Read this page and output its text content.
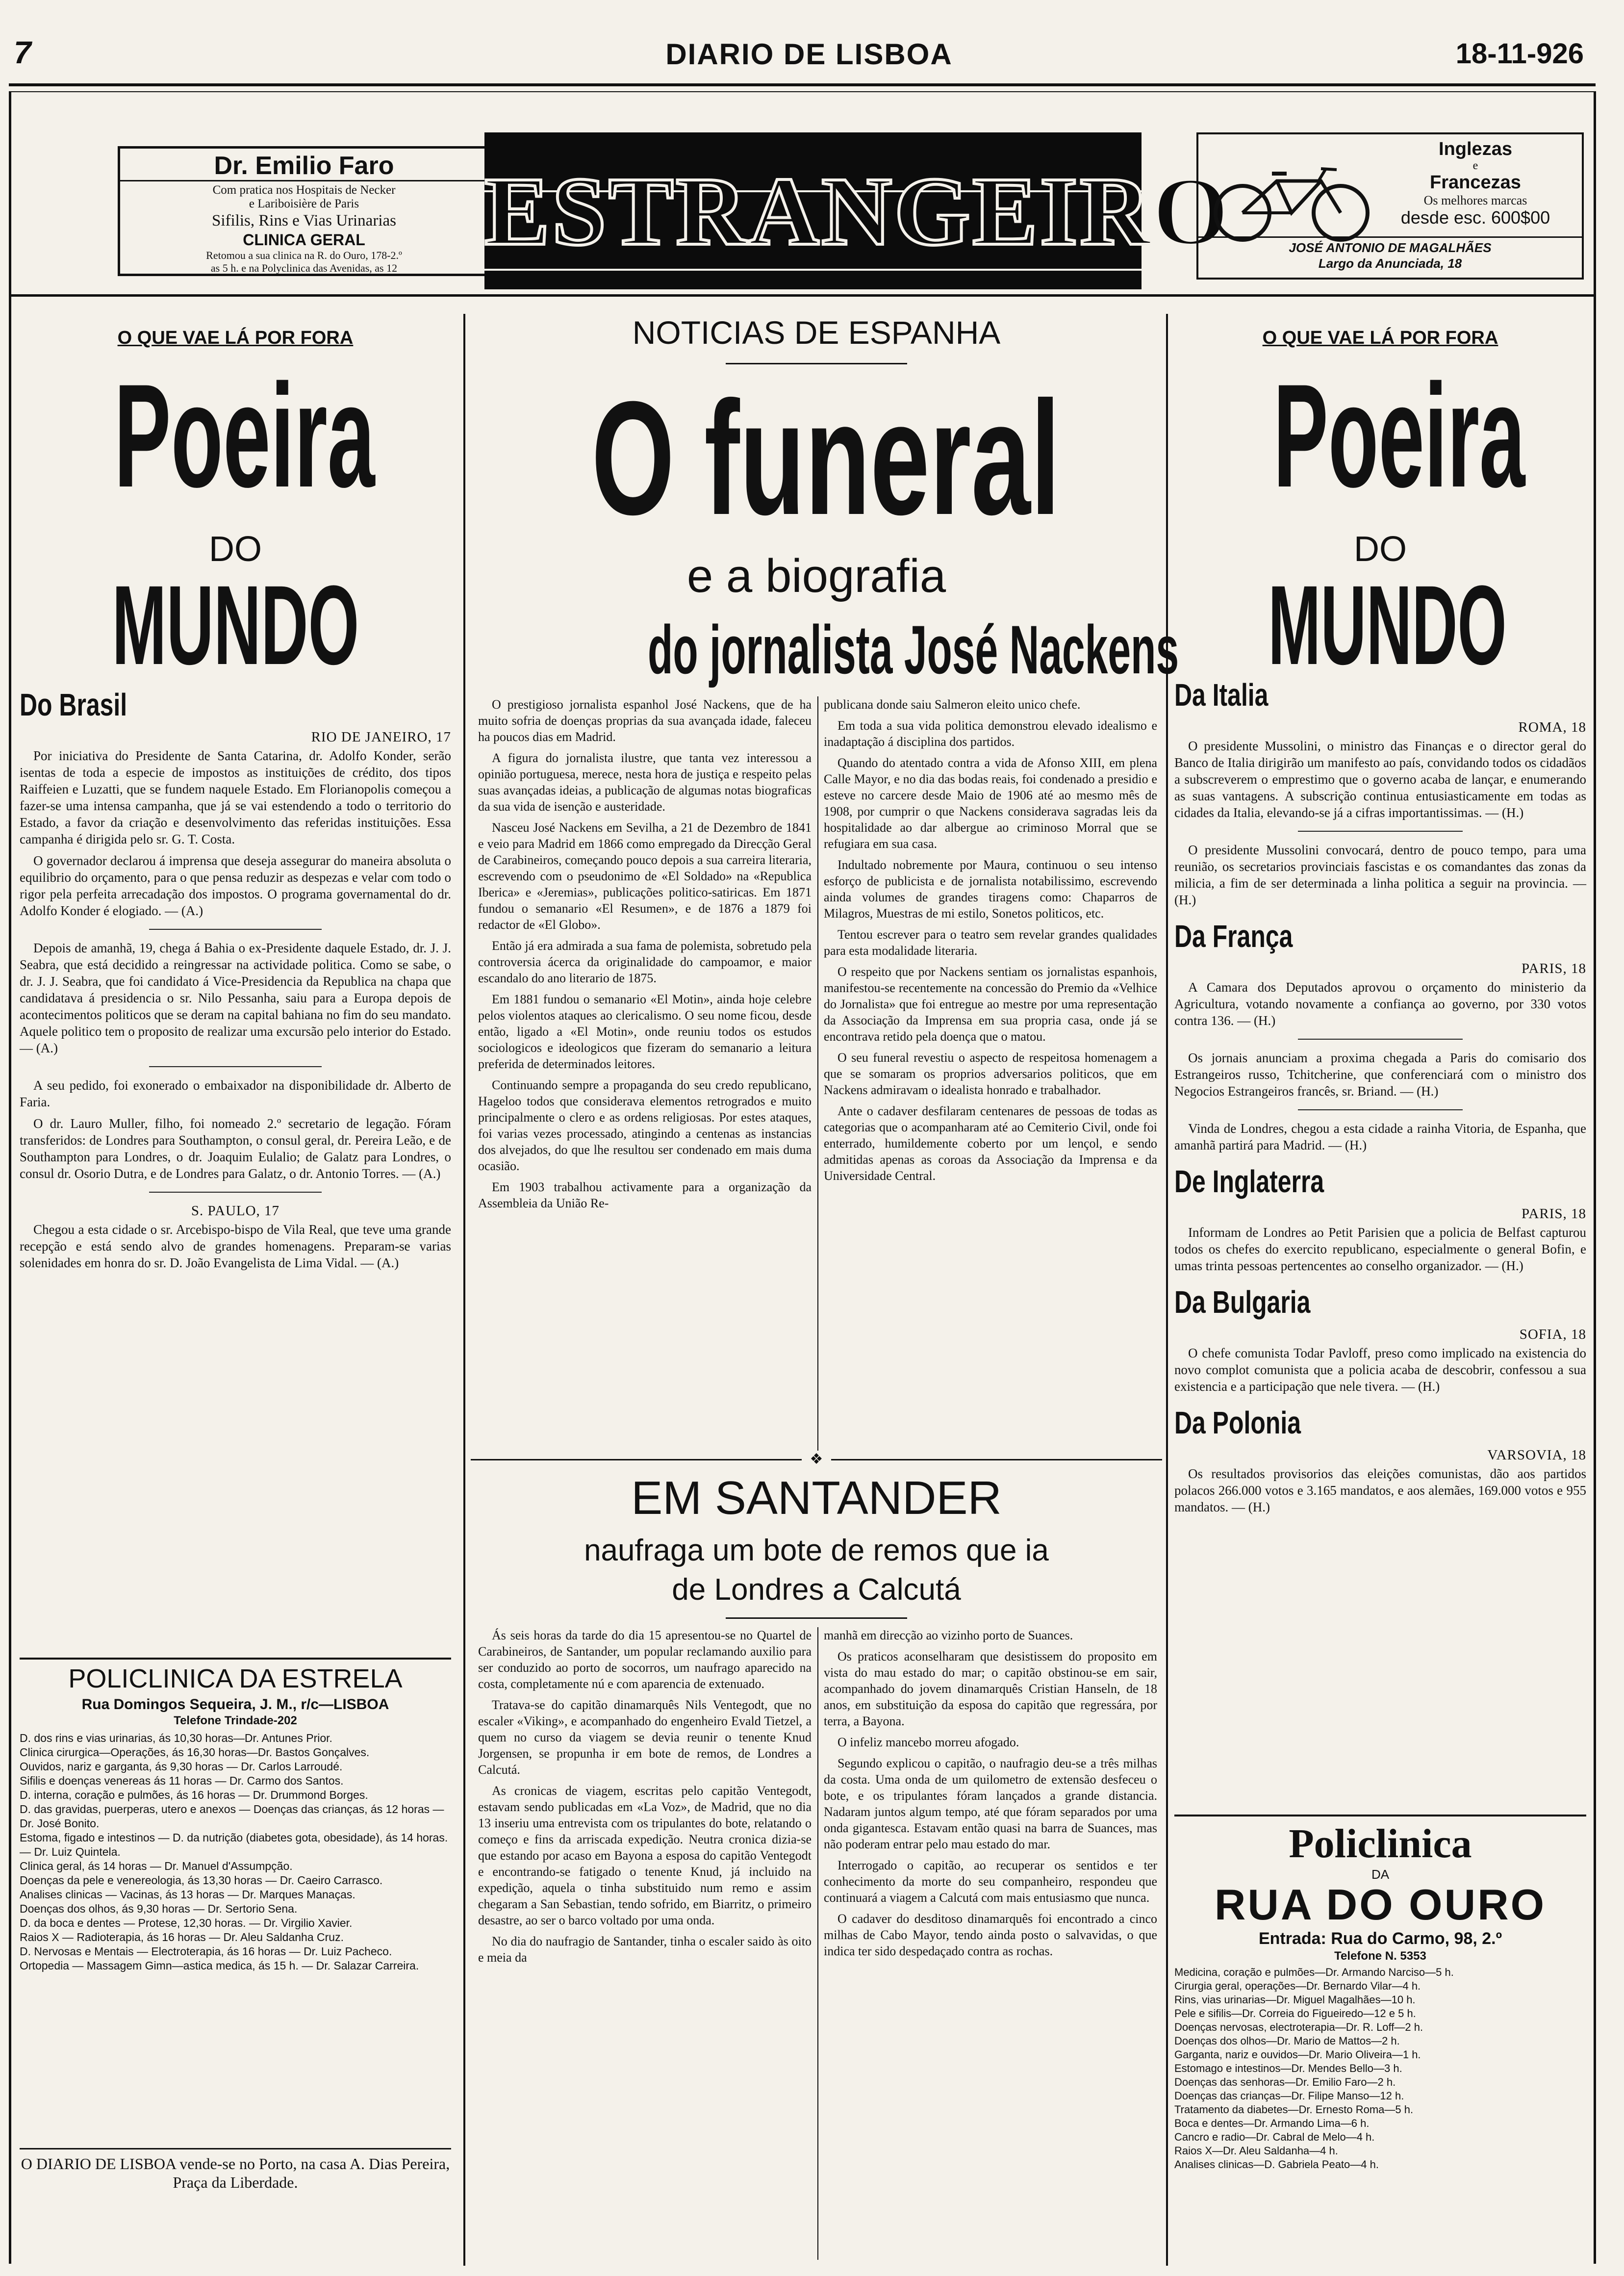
7	DIARIO DE LISBOA	18-11-926
Dr. Emilio Faro
Com pratica nos Hospitais de Necker
e Lariboisière de Paris
Sifilis, Rins e Vias Urinarias
CLINICA GERAL
Retomou a sua clinica na R. do Ouro, 178-2.º
as 5 h. e na Polyclinica das Avenidas, as 12
ESTRANGEIRO
Inglezas
e
Francezas
Os melhores marcas
desde esc. 600$00
JOSÉ ANTONIO DE MAGALHÃES
Largo da Anunciada, 18
O QUE VAE LÁ POR FORA
Poeira
DO
MUNDO
Do Brasil
RIO DE JANEIRO, 17

Por iniciativa do Presidente de Santa Catarina, dr. Adolfo Konder, serão isentas de toda a especie de impostos as instituições de crédito, dos tipos Raiffeien e Luzatti, que se fundem naquele Estado. Em Florianopolis começou a fazer-se uma intensa campanha, que já se vai estendendo a todo o territorio do Estado, a favor da criação e desenvolvimento das referidas instituições. Essa campanha é dirigida pelo sr. G. T. Costa.

O governador declarou á imprensa que deseja assegurar do maneira absoluta o equilibrio do orçamento, para o que pensa reduzir as despezas e velar com todo o rigor pela perfeita arrecadação dos impostos. O programa governamental do dr. Adolfo Konder é elogiado. — (A.)

Depois de amanhã, 19, chega á Bahia o ex-Presidente daquele Estado, dr. J. J. Seabra, que está decidido a reingressar na actividade politica. Como se sabe, o dr. J. J. Seabra, que foi candidato á Vice-Presidencia da Republica na chapa que candidatava á presidencia o sr. Nilo Pessanha, saiu para a Europa depois de acontecimentos politicos que se deram na capital bahiana no fim do seu mandato. Aquele politico tem o proposito de realizar uma excursão pelo interior do Estado. — (A.)

A seu pedido, foi exonerado o embaixador na disponibilidade dr. Alberto de Faria.

O dr. Lauro Muller, filho, foi nomeado 2.º secretario de legação. Fóram transferidos: de Londres para Southampton, o consul geral, dr. Pereira Leão, e de Southampton para Londres, o dr. Joaquim Eulalio; de Galatz para Londres, o consul dr. Osorio Dutra, e de Londres para Galatz, o dr. Antonio Torres. — (A.)

S. PAULO, 17

Chegou a esta cidade o sr. Arcebispo-bispo de Vila Real, que teve uma grande recepção e está sendo alvo de grandes homenagens. Preparam-se varias solenidades em honra do sr. D. João Evangelista de Lima Vidal. — (A.)

POLICLINICA DA ESTRELA
Rua Domingos Sequeira, J. M., r/c—LISBOA
Telefone Trindade-202
D. dos rins e vias urinarias, ás 10,30 horas—Dr. Antunes Prior.
Clinica cirurgica—Operações, ás 16,30 horas—Dr. Bastos Gonçalves.
Ouvidos, nariz e garganta, ás 9,30 horas — Dr. Carlos Larroudé.
Sifilis e doenças venereas ás 11 horas — Dr. Carmo dos Santos.
D. interna, coração e pulmões, ás 16 horas — Dr. Drummond Borges.
D. das gravidas, puerperas, utero e anexos — Doenças das crianças, ás 12 horas — Dr. José Bonito.
Estoma, figado e intestinos — D. da nutrição (diabetes gota, obesidade), ás 14 horas. — Dr. Luiz Quintela.
Clinica geral, ás 14 horas — Dr. Manuel d'Assumpção.
Doenças da pele e venereologia, ás 13,30 horas — Dr. Caeiro Carrasco.
Analises clinicas — Vacinas, ás 13 horas — Dr. Marques Manaças.
Doenças dos olhos, ás 9,30 horas — Dr. Sertorio Sena.
D. da boca e dentes — Protese, 12,30 horas. — Dr. Virgilio Xavier.
Raios X — Radioterapia, ás 16 horas — Dr. Aleu Saldanha Cruz.
D. Nervosas e Mentais — Electroterapia, ás 16 horas — Dr. Luiz Pacheco.
Ortopedia — Massagem Gimn—astica medica, ás 15 h. — Dr. Salazar Carreira.
O DIARIO DE LISBOA vende-se no Porto, na casa A. Dias Pereira, Praça da Liberdade.
NOTICIAS DE ESPANHA
O funeral
e a biografia
do jornalista José Nackens

O prestigioso jornalista espanhol José Nackens, que de ha muito sofria de doenças proprias da sua avançada idade, faleceu ha poucos dias em Madrid.

A figura do jornalista ilustre, que tanta vez interessou a opinião portuguesa, merece, nesta hora de justiça e respeito pelas suas avançadas ideias, a publicação de algumas notas biograficas da sua vida de isenção e austeridade.

Nasceu José Nackens em Sevilha, a 21 de Dezembro de 1841 e veio para Madrid em 1866 como empregado da Direcção Geral de Carabineiros, começando pouco depois a sua carreira literaria, escrevendo com o pseudonimo de «El Soldado» na «Republica Iberica» e «Jeremias», publicações politico-satiricas. Em 1871 fundou o semanario «El Resumen», e de 1876 a 1879 foi redactor de «El Globo».

Então já era admirada a sua fama de polemista, sobretudo pela controversia ácerca da originalidade do campoamor, e maior escandalo do ano literario de 1875.

Em 1881 fundou o semanario «El Motin», ainda hoje celebre pelos violentos ataques ao clericalismo. O seu nome ficou, desde então, ligado a «El Motin», onde reuniu todos os estudos sociologicos e ideologicos que fizeram do semanario a leitura preferida de determinados leitores.

Continuando sempre a propaganda do seu credo republicano, Hageloo todos que considerava elementos retrogrados e muito principalmente o clero e as ordens religiosas. Por estes ataques, foi varias vezes processado, atingindo a centenas as instancias dos alvejados, do que lhe resultou ser condenado em mais duma ocasião.

Em 1903 trabalhou activamente para a organização da Assembleia da União Re-

publicana donde saiu Salmeron eleito unico chefe.

Em toda a sua vida politica demonstrou elevado idealismo e inadaptação á disciplina dos partidos.

Quando do atentado contra a vida de Afonso XIII, em plena Calle Mayor, e no dia das bodas reais, foi condenado a presidio e esteve no carcere desde Maio de 1906 até ao mesmo mês de 1908, por cumprir o que Nackens considerava sagradas leis da hospitalidade ao dar albergue ao criminoso Morral que se refugiara em sua casa.

Indultado nobremente por Maura, continuou o seu intenso esforço de publicista e de jornalista notabilissimo, escrevendo ainda volumes de grandes tiragens como: Chaparros de Milagros, Muestras de mi estilo, Sonetos politicos, etc.

Tentou escrever para o teatro sem revelar grandes qualidades para esta modalidade literaria.

O respeito que por Nackens sentiam os jornalistas espanhois, manifestou-se recentemente na concessão do Premio da «Velhice do Jornalista» que foi entregue ao mestre por uma representação da Associação da Imprensa em sua propria casa, onde já se encontrava retido pela doença que o matou.

O seu funeral revestiu o aspecto de respeitosa homenagem a que se somaram os proprios adversarios politicos, que em Nackens admiravam o idealista honrado e trabalhador.

Ante o cadaver desfilaram centenares de pessoas de todas as categorias que o acompanharam até ao Cemiterio Civil, onde foi enterrado, humildemente coberto por um lençol, e sendo admitidas apenas as coroas da Associação da Imprensa e da Universidade Central.

❖
EM SANTANDER
naufraga um bote de remos que ia
de Londres a Calcutá

Ás seis horas da tarde do dia 15 apresentou-se no Quartel de Carabineiros, de Santander, um popular reclamando auxilio para ser conduzido ao porto de socorros, um naufrago aparecido na costa, completamente nú e com aparencia de extenuado.

Tratava-se do capitão dinamarquês Nils Ventegodt, que no escaler «Viking», e acompanhado do engenheiro Evald Tietzel, a quem no curso da viagem se devia reunir o tenente Knud Jorgensen, se propunha ir em bote de remos, de Londres a Calcutá.

As cronicas de viagem, escritas pelo capitão Ventegodt, estavam sendo publicadas em «La Voz», de Madrid, que no dia 13 inseriu uma entrevista com os tripulantes do bote, relatando o começo e fins da arriscada expedição. Neutra cronica dizia-se que estando por acaso em Bayona a esposa do capitão Ventegodt e encontrando-se fatigado o tenente Knud, já incluido na expedição, aquela o tinha substituido num remo e assim chegaram a San Sebastian, tendo sofrido, em Biarritz, o primeiro desastre, ao ser o barco voltado por uma onda.

No dia do naufragio de Santander, tinha o escaler saido às oito e meia da

manhã em direcção ao vizinho porto de Suances.

Os praticos aconselharam que desistissem do proposito em vista do mau estado do mar; o capitão obstinou-se em sair, acompanhado do jovem dinamarquês Cristian Hanseln, de 18 anos, em substituição da esposa do capitão que regressára, por terra, a Bayona.

O infeliz mancebo morreu afogado.

Segundo explicou o capitão, o naufragio deu-se a três milhas da costa. Uma onda de um quilometro de extensão desfeceu o bote, e os tripulantes fóram lançados a grande distancia. Nadaram juntos algum tempo, até que fóram separados por uma onda gigantesca. Estavam então quasi na barra de Suances, mas não poderam entrar pelo mau estado do mar.

Interrogado o capitão, ao recuperar os sentidos e ter conhecimento da morte do seu companheiro, respondeu que continuará a viagem a Calcutá com mais entusiasmo que nunca.

O cadaver do desditoso dinamarquês foi encontrado a cinco milhas de Cabo Mayor, tendo ainda posto o salvavidas, o que indica ter sido despedaçado contra as rochas.

O QUE VAE LÁ POR FORA
Poeira
DO
MUNDO
Da Italia
ROMA, 18

O presidente Mussolini, o ministro das Finanças e o director geral do Banco de Italia dirigirão um manifesto ao país, convidando todos os cidadãos a subscreverem o emprestimo que o governo acaba de lançar, e enumerando as suas vantagens. A subscrição continua entusiasticamente em todas as cidades da Italia, elevando-se já a cifras importantissimas. — (H.)

O presidente Mussolini convocará, dentro de pouco tempo, para uma reunião, os secretarios provinciais fascistas e os comandantes das zonas da milicia, a fim de ser determinada a linha politica a seguir na provincia. — (H.)

Da França
PARIS, 18

A Camara dos Deputados aprovou o orçamento do ministerio da Agricultura, votando novamente a confiança ao governo, por 330 votos contra 136. — (H.)

Os jornais anunciam a proxima chegada a Paris do comisario dos Estrangeiros russo, Tchitcherine, que conferenciará com o ministro dos Negocios Estrangeiros francês, sr. Briand. — (H.)

Vinda de Londres, chegou a esta cidade a rainha Vitoria, de Espanha, que amanhã partirá para Madrid. — (H.)

De Inglaterra
PARIS, 18

Informam de Londres ao Petit Parisien que a policia de Belfast capturou todos os chefes do exercito republicano, especialmente o general Bofin, e umas trinta pessoas pertencentes ao conselho organizador. — (H.)

Da Bulgaria
SOFIA, 18

O chefe comunista Todar Pavloff, preso como implicado na existencia do novo complot comunista que a policia acaba de descobrir, confessou a sua existencia e a participação que nele tivera. — (H.)

Da Polonia
VARSOVIA, 18

Os resultados provisorios das eleições comunistas, dão aos partidos polacos 266.000 votos e 3.165 mandatos, e aos alemães, 169.000 votos e 955 mandatos. — (H.)

Policlinica
DA
RUA DO OURO
Entrada: Rua do Carmo, 98, 2.º
Telefone N. 5353
Medicina, coração e pulmões—Dr. Armando Narciso—5 h.
Cirurgia geral, operações—Dr. Bernardo Vilar—4 h.
Rins, vias urinarias—Dr. Miguel Magalhães—10 h.
Pele e sifilis—Dr. Correia do Figueiredo—12 e 5 h.
Doenças nervosas, electroterapia—Dr. R. Loff—2 h.
Doenças dos olhos—Dr. Mario de Mattos—2 h.
Garganta, nariz e ouvidos—Dr. Mario Oliveira—1 h.
Estomago e intestinos—Dr. Mendes Bello—3 h.
Doenças das senhoras—Dr. Emilio Faro—2 h.
Doenças das crianças—Dr. Filipe Manso—12 h.
Tratamento da diabetes—Dr. Ernesto Roma—5 h.
Boca e dentes—Dr. Armando Lima—6 h.
Cancro e radio—Dr. Cabral de Melo—4 h.
Raios X—Dr. Aleu Saldanha—4 h.
Analises clinicas—D. Gabriela Peato—4 h.
